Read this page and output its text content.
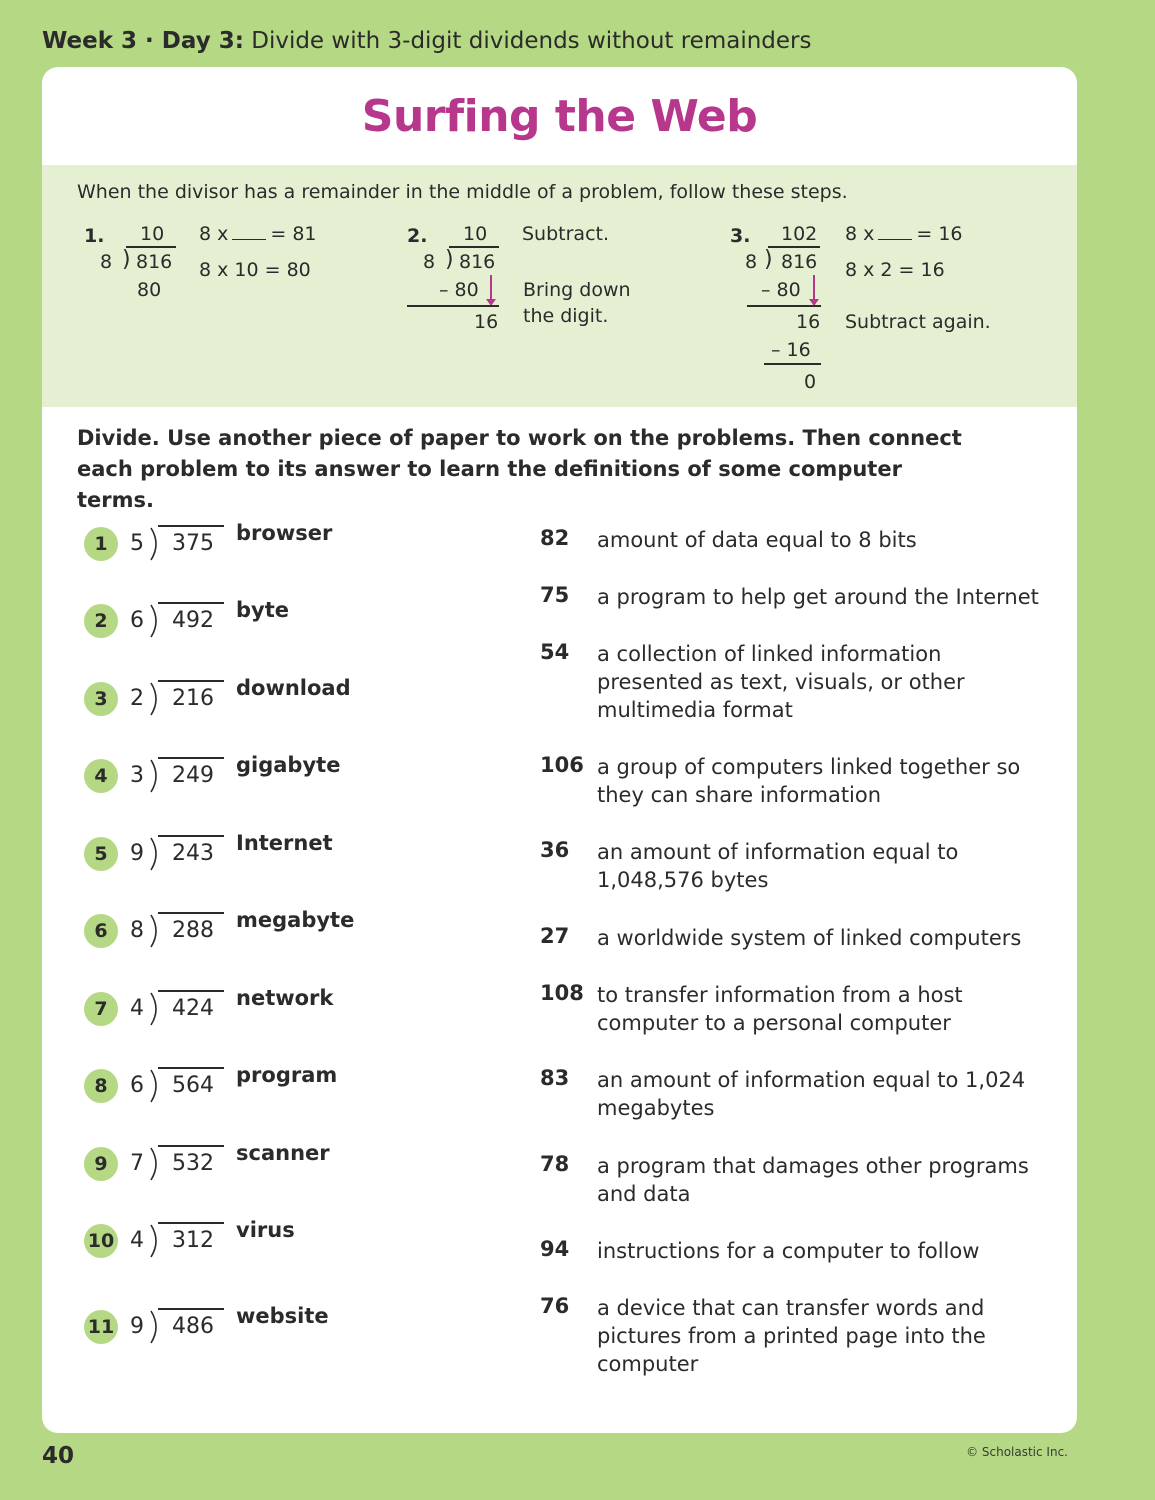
Week 3 · Day 3: Divide with 3-digit dividends without remainders
Surfing the Web
When the divisor has a remainder in the middle of a problem, follow these steps.
1. 10
)
8 816
80
8 x = 81
8 x 10 = 80
2. 10
)
8 816
– 80
16
Subtract.
Bring down
the digit.
3. 102
)
8 816
– 80
16
– 16
0
8 x = 16
8 x 2 = 16
Subtract again.
Divide. Use another piece of paper to work on the problems. Then connect each problem to its answer to learn the definitions of some computer terms.
1	5 375 browser
2	6 492 byte
3	2 216 download
4	3 249 gigabyte
5	9 243 Internet
6	8 288 megabyte
7	4 424 network
8	6 564 program
9	7 532 scanner
10 4 312 virus
11 9 486 website
82 amount of data equal to 8 bits
75 a program to help get around the Internet
54 a collection of linked information presented as text, visuals, or other multimedia format
106 a group of computers linked together so they can share information
36 an amount of information equal to 1,048,576 bytes
27 a worldwide system of linked computers
108 to transfer information from a host computer to a personal computer
83 an amount of information equal to 1,024 megabytes
78 a program that damages other programs and data
94 instructions for a computer to follow
76 a device that can transfer words and pictures from a printed page into the computer
40	© Scholastic Inc.
